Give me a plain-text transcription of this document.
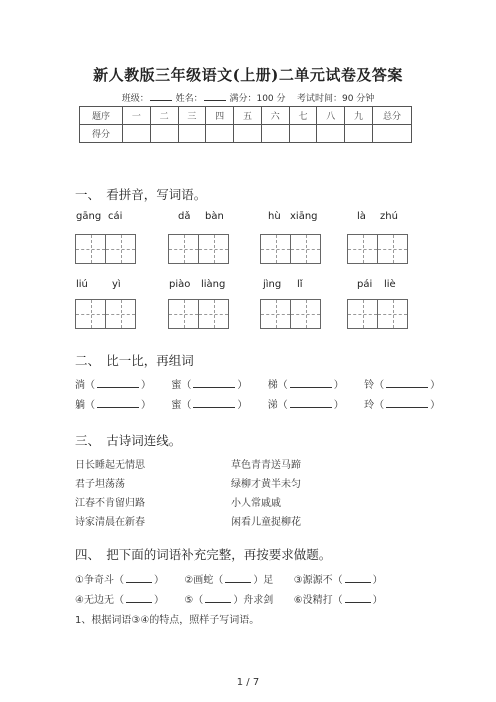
新人教版三年级语文(上册)二单元试卷及答案
班级：	姓名：	满分：100 分 考试时间：90 分钟
题序	一	二	三	四	五	六	七	八	九	总分
得分										
一、　看拼音，写词语。
gāng cái	dǎ bàn	hù xiāng	là zhú
liú yì	piào liàng	jìng lǐ	pái liè
二、　比一比，再组词
淌（	） 蜜（	） 梯（	） 铃（	）
躺（	） 蜜（	） 涕（	） 玲（	）
三、　古诗词连线。
日长睡起无情思
君子坦荡荡
江春不肯留归路
诗家清晨在新春
草色青青送马蹄
绿柳才黄半未匀
小人常戚戚
闲看儿童捉柳花
四、　把下面的词语补充完整，再按要求做题。
①争奇斗（	） ②画蛇（	）足 ③源源不（	）
④无边无（	） ⑤（	）舟求剑 ⑥没精打（	）
1、根据词语③④的特点，照样子写词语。
1 / 7
